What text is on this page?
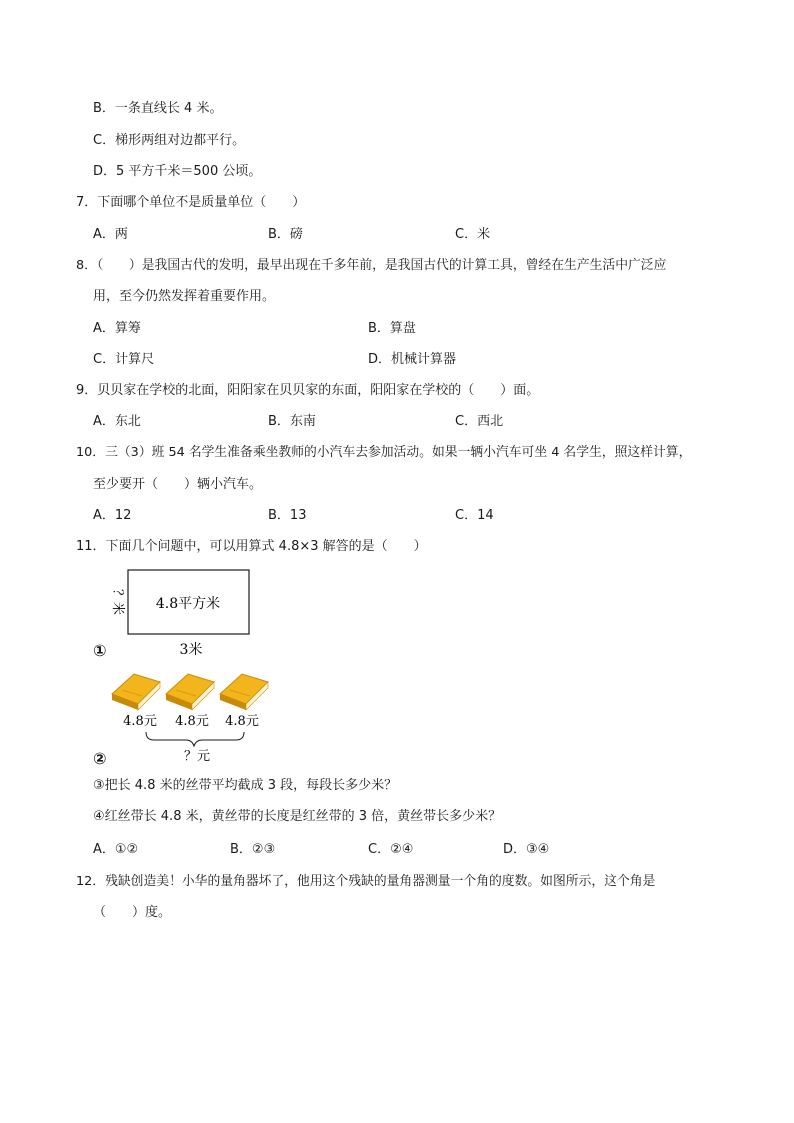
B．一条直线长 4 米。
C．梯形两组对边都平行。
D．5 平方千米＝500 公顷。
7．下面哪个单位不是质量单位（　　）
A．两	B．磅	C．米
8．（　　）是我国古代的发明，最早出现在千多年前，是我国古代的计算工具，曾经在生产生活中广泛应
用，至今仍然发挥着重要作用。
A．算筹	B．算盘
C．计算尺	D．机械计算器
9．贝贝家在学校的北面，阳阳家在贝贝家的东面，阳阳家在学校的（　　）面。
A．东北	B．东南	C．西北
10．三（3）班 54 名学生准备乘坐教师的小汽车去参加活动。如果一辆小汽车可坐 4 名学生，照这样计算，
至少要开（　　）辆小汽车。
A．12	B．13	C．14
11．下面几个问题中，可以用算式 4.8×3 解答的是（　　）
4.8平方米
？米
3米
①
4.8元 4.8元 4.8元
？元
②
③把长 4.8 米的丝带平均截成 3 段，每段长多少米？
④红丝带长 4.8 米，黄丝带的长度是红丝带的 3 倍，黄丝带长多少米？
A．①②	B．②③	C．②④	D．③④
12．残缺创造美！小华的量角器坏了，他用这个残缺的量角器测量一个角的度数。如图所示，这个角是
（　　）度。
